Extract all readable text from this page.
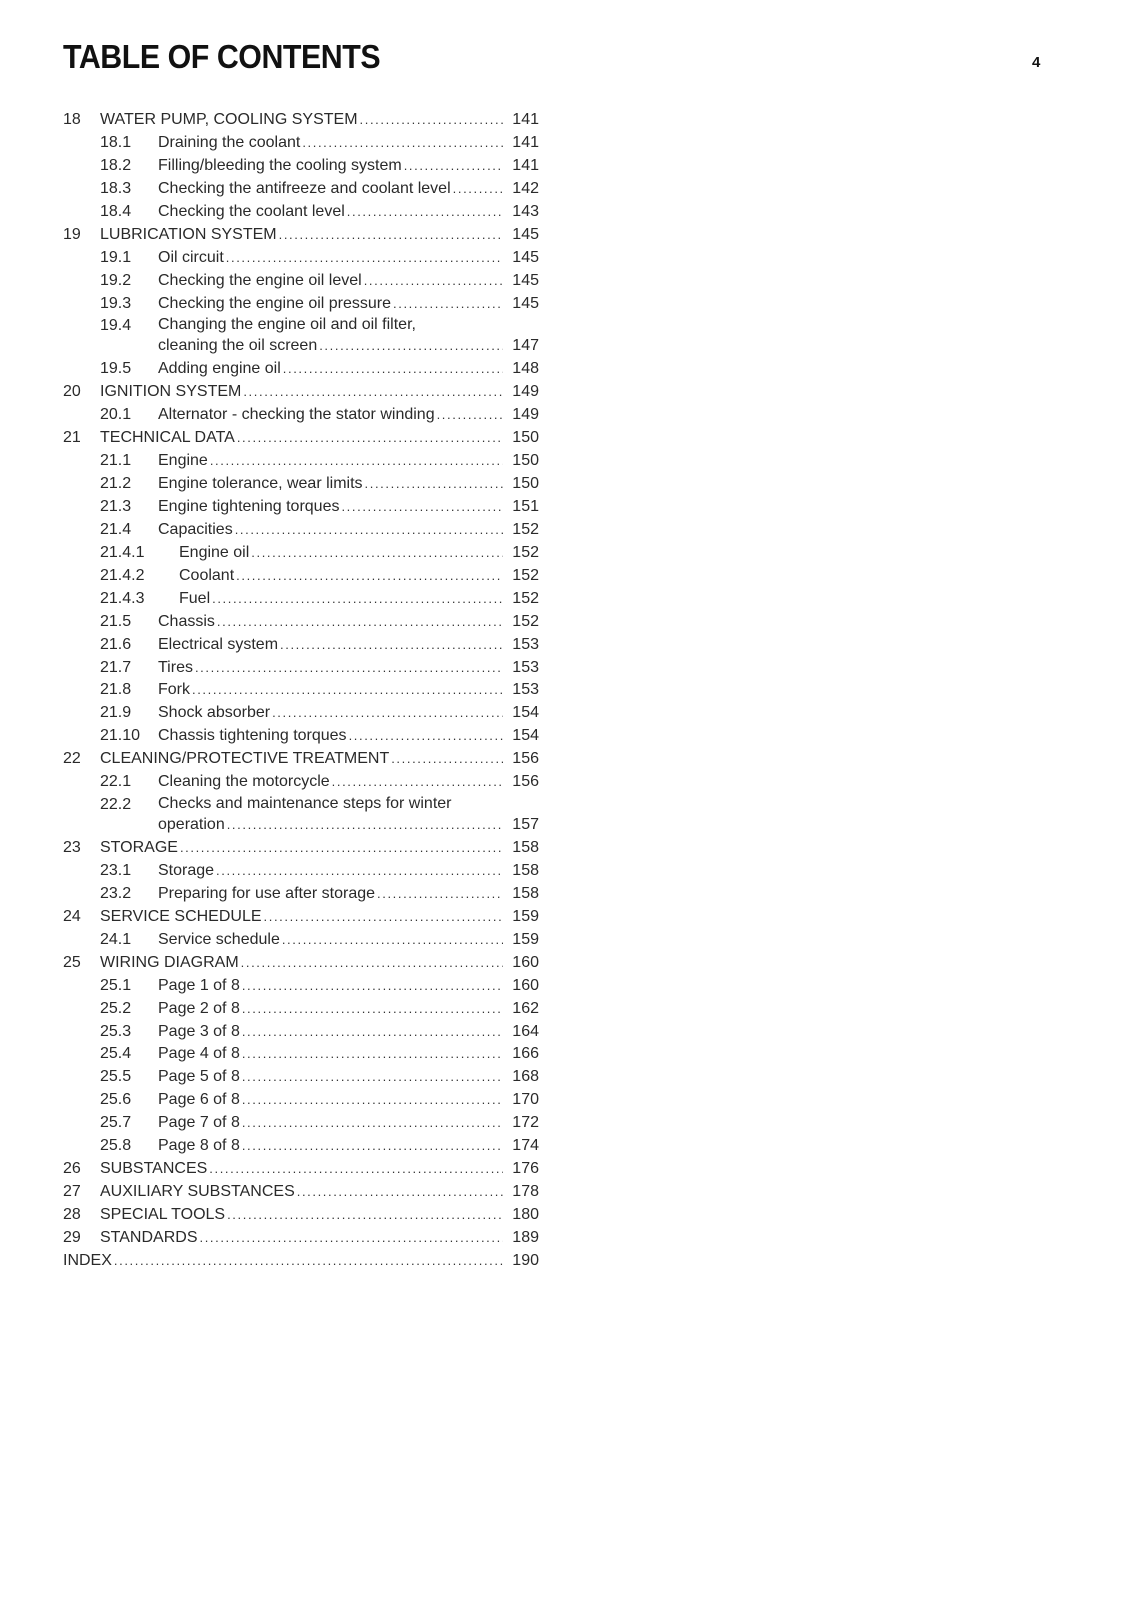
TABLE OF CONTENTS	4
18 WATER PUMP, COOLING SYSTEM .....	141
18.1 Draining the coolant .....	141
18.2 Filling/bleeding the cooling system .....	141
18.3 Checking the antifreeze and coolant level .....	142
18.4 Checking the coolant level .....	143
19 LUBRICATION SYSTEM .....	145
19.1 Oil circuit .....	145
19.2 Checking the engine oil level .....	145
19.3 Checking the engine oil pressure .....	145
19.4 Changing the engine oil and oil filter,
cleaning the oil screen .....	147
19.5 Adding engine oil .....	148
20 IGNITION SYSTEM .....	149
20.1 Alternator - checking the stator winding .....	149
21 TECHNICAL DATA .....	150
21.1 Engine .....	150
21.2 Engine tolerance, wear limits .....	150
21.3 Engine tightening torques .....	151
21.4 Capacities .....	152
21.4.1 Engine oil .....	152
21.4.2 Coolant .....	152
21.4.3 Fuel .....	152
21.5 Chassis .....	152
21.6 Electrical system .....	153
21.7 Tires .....	153
21.8 Fork .....	153
21.9 Shock absorber .....	154
21.10 Chassis tightening torques .....	154
22 CLEANING/PROTECTIVE TREATMENT .....	156
22.1 Cleaning the motorcycle .....	156
22.2 Checks and maintenance steps for winter
operation .....	157
23 STORAGE .....	158
23.1 Storage .....	158
23.2 Preparing for use after storage .....	158
24 SERVICE SCHEDULE .....	159
24.1 Service schedule .....	159
25 WIRING DIAGRAM .....	160
25.1 Page 1 of 8 .....	160
25.2 Page 2 of 8 .....	162
25.3 Page 3 of 8 .....	164
25.4 Page 4 of 8 .....	166
25.5 Page 5 of 8 .....	168
25.6 Page 6 of 8 .....	170
25.7 Page 7 of 8 .....	172
25.8 Page 8 of 8 .....	174
26 SUBSTANCES .....	176
27 AUXILIARY SUBSTANCES .....	178
28 SPECIAL TOOLS .....	180
29 STANDARDS .....	189
INDEX .....	190
